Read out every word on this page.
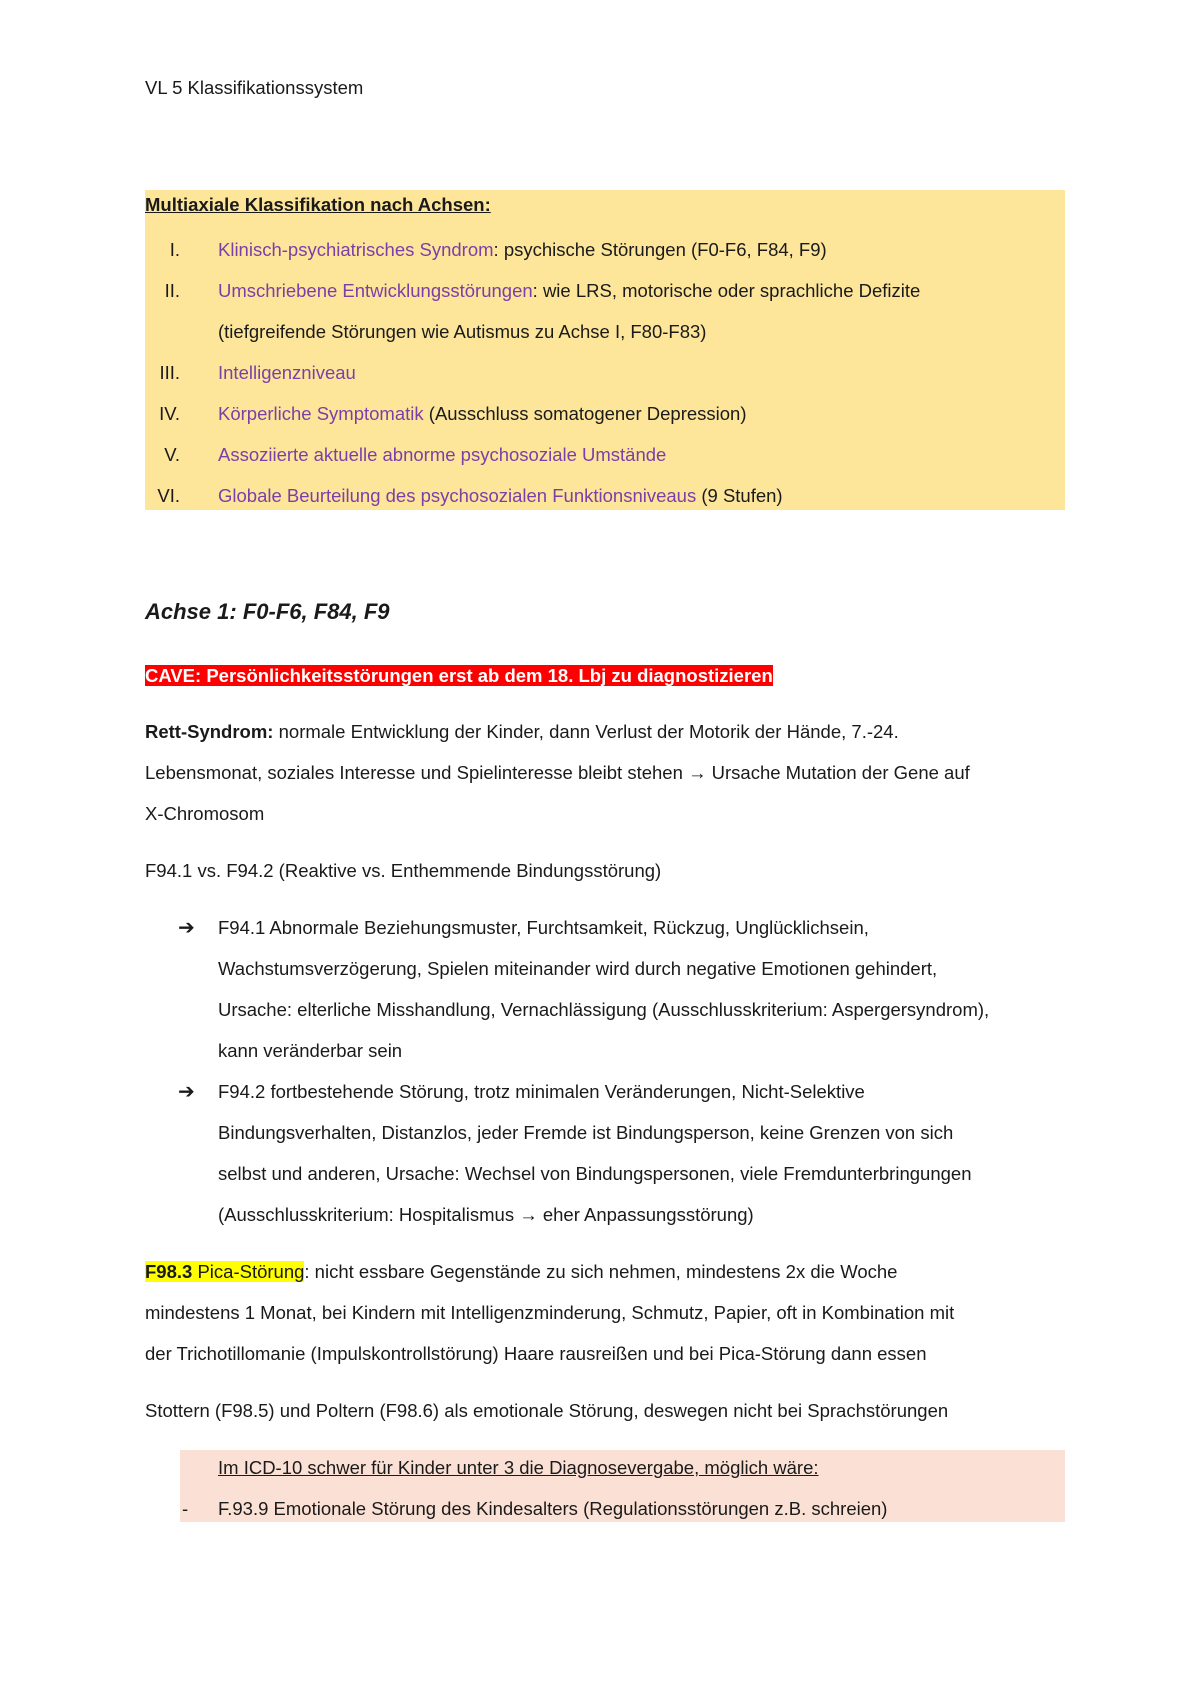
VL 5 Klassifikationssystem
Multiaxiale Klassifikation nach Achsen:
I. Klinisch-psychiatrisches Syndrom: psychische Störungen (F0-F6, F84, F9)
II. Umschriebene Entwicklungsstörungen: wie LRS, motorische oder sprachliche Defizite
(tiefgreifende Störungen wie Autismus zu Achse I, F80-F83)
III. Intelligenzniveau
IV. Körperliche Symptomatik (Ausschluss somatogener Depression)
V. Assoziierte aktuelle abnorme psychosoziale Umstände
VI. Globale Beurteilung des psychosozialen Funktionsniveaus (9 Stufen)
Achse 1: F0-F6, F84, F9
CAVE: Persönlichkeitsstörungen erst ab dem 18. Lbj zu diagnostizieren
Rett-Syndrom: normale Entwicklung der Kinder, dann Verlust der Motorik der Hände, 7.-24.
Lebensmonat, soziales Interesse und Spielinteresse bleibt stehen → Ursache Mutation der Gene auf
X-Chromosom
F94.1 vs. F94.2 (Reaktive vs. Enthemmende Bindungsstörung)
➔ F94.1 Abnormale Beziehungsmuster, Furchtsamkeit, Rückzug, Unglücklichsein,
Wachstumsverzögerung, Spielen miteinander wird durch negative Emotionen gehindert,
Ursache: elterliche Misshandlung, Vernachlässigung (Ausschlusskriterium: Aspergersyndrom),
kann veränderbar sein
➔ F94.2 fortbestehende Störung, trotz minimalen Veränderungen, Nicht-Selektive
Bindungsverhalten, Distanzlos, jeder Fremde ist Bindungsperson, keine Grenzen von sich
selbst und anderen, Ursache: Wechsel von Bindungspersonen, viele Fremdunterbringungen
(Ausschlusskriterium: Hospitalismus → eher Anpassungsstörung)
F98.3 Pica-Störung: nicht essbare Gegenstände zu sich nehmen, mindestens 2x die Woche
mindestens 1 Monat, bei Kindern mit Intelligenzminderung, Schmutz, Papier, oft in Kombination mit
der Trichotillomanie (Impulskontrollstörung) Haare rausreißen und bei Pica-Störung dann essen
Stottern (F98.5) und Poltern (F98.6) als emotionale Störung, deswegen nicht bei Sprachstörungen
Im ICD-10 schwer für Kinder unter 3 die Diagnosevergabe, möglich wäre:
- F.93.9 Emotionale Störung des Kindesalters (Regulationsstörungen z.B. schreien)
